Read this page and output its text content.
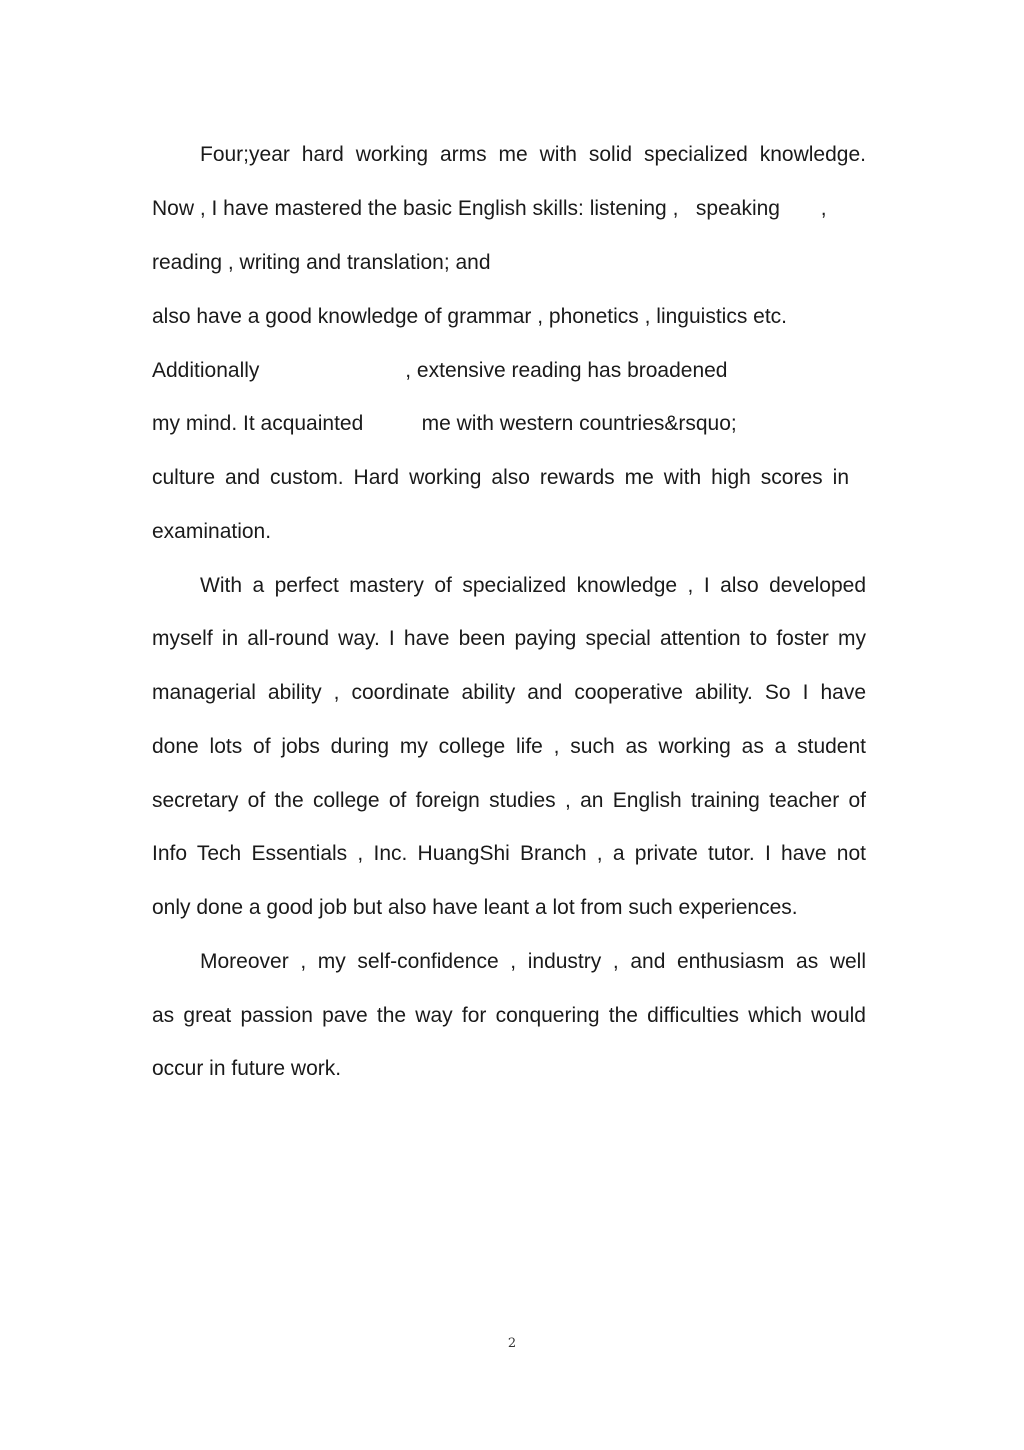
Four;year hard working arms me with solid specialized knowledge.
Now , I have mastered the basic English skills: listening ,   speaking       ,
reading , writing and translation; and
also have a good knowledge of grammar , phonetics , linguistics etc.
Additionally                         , extensive reading has broadened
my mind. It acquainted          me with western countries&rsquo;
culture and custom. Hard working also rewards me with high scores in
examination.
With a perfect mastery of specialized knowledge , I also developed
myself in all-round way. I have been paying special attention to foster my
managerial ability , coordinate ability and cooperative ability. So I have
done lots of jobs during my college life , such as working as a student
secretary of the college of foreign studies , an English training teacher of
Info Tech Essentials , Inc. HuangShi Branch , a private tutor. I have not
only done a good job but also have leant a lot from such experiences.
Moreover , my self-confidence , industry , and enthusiasm as well
as great passion pave the way for conquering the difficulties which would
occur in future work.
2
